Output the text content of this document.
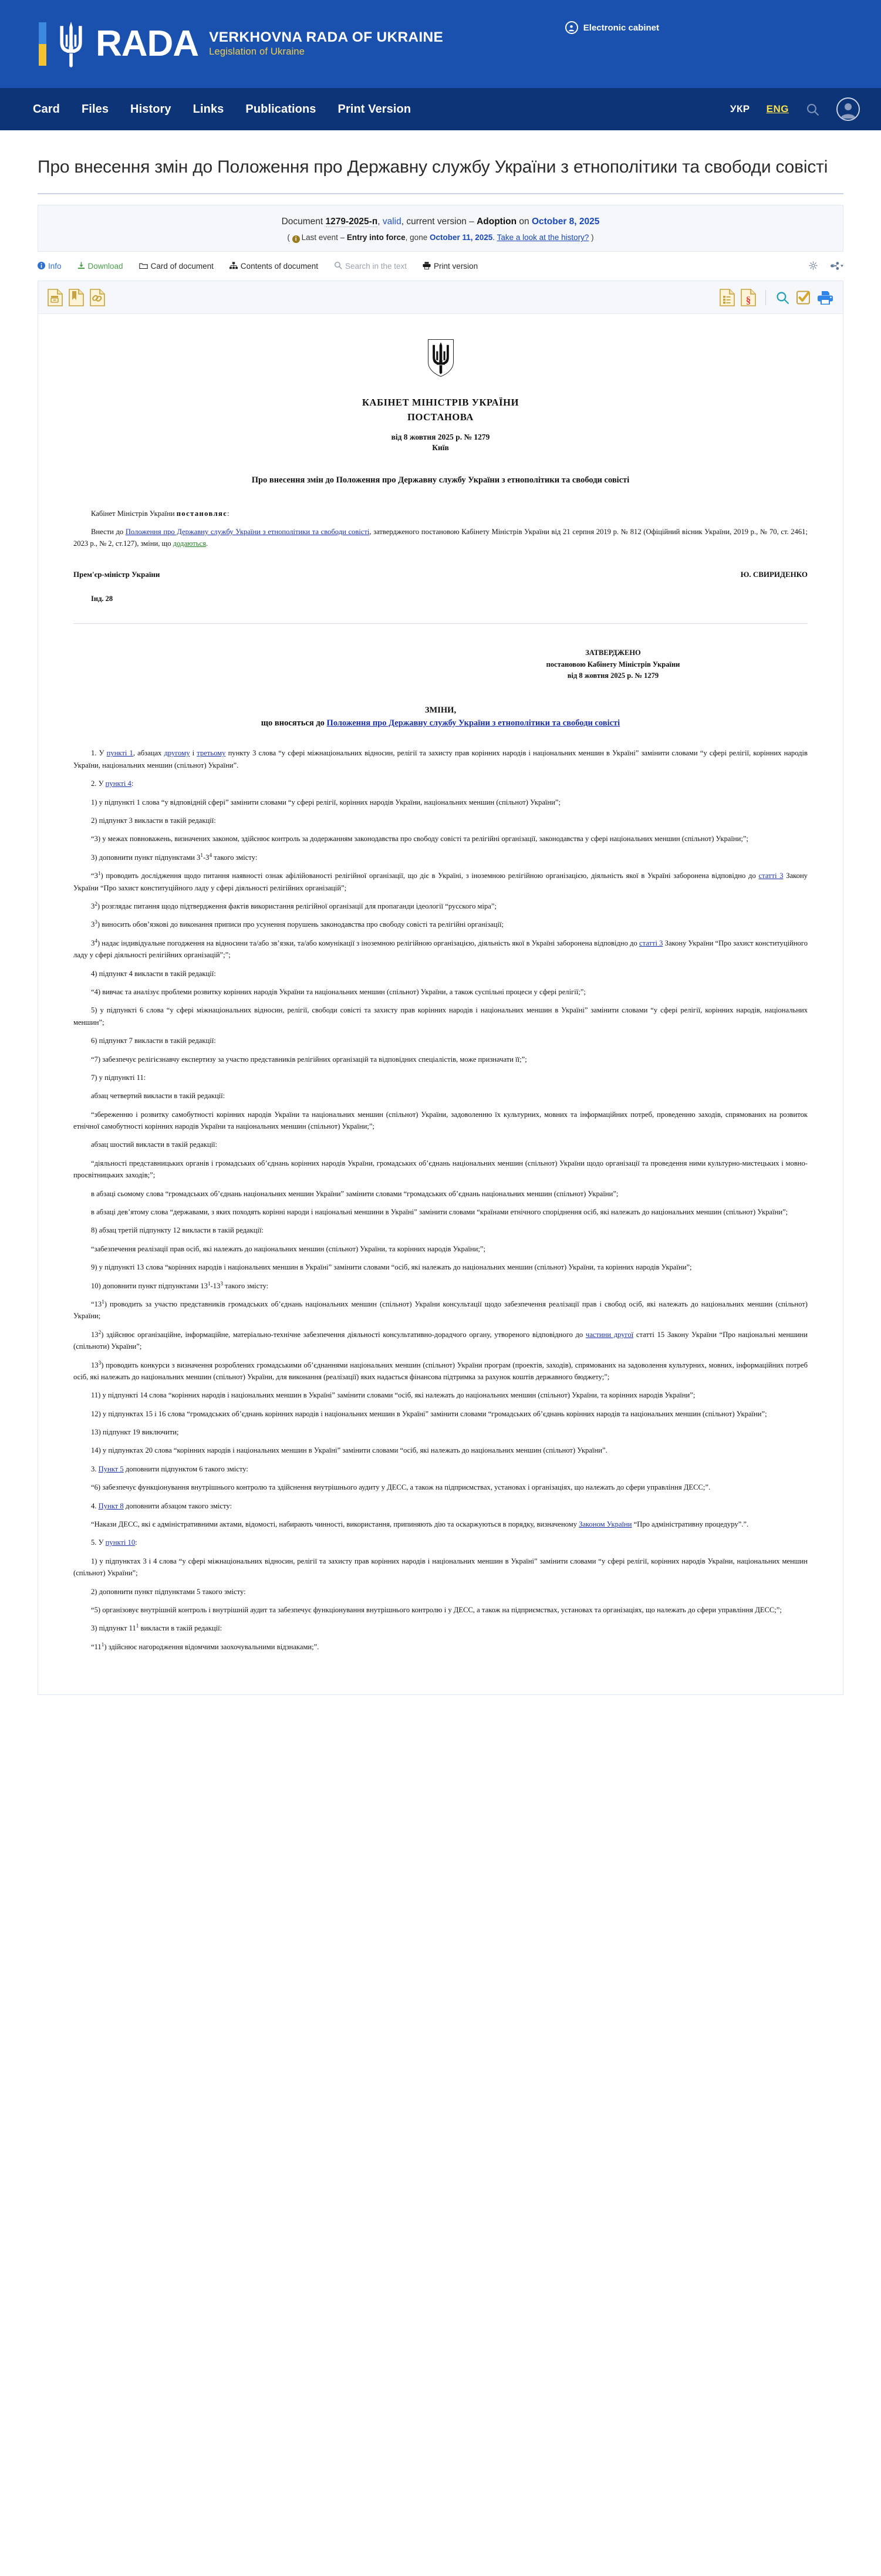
RADA VERKHOVNA RADA OF UKRAINE
Legislation of Ukraine
Electronic cabinet
Card Files History Links Publications Print Version	УКР ENG
Про внесення змін до Положення про Державну службу України з етнополітики та свободи совісті
Document 1279-2025-п, valid, current version – Adoption on October 8, 2025
( i Last event – Entry into force, gone October 11, 2025. Take a look at the history? )
Info	Download	Card of document	Contents of document	Search in the text	Print version
§
КАБІНЕТ МІНІСТРІВ УКРАЇНИ
ПОСТАНОВА
від 8 жовтня 2025 р. № 1279
Київ
Про внесення змін до Положення про Державну службу України з етнополітики та свободи совісті

Кабінет Міністрів України постановляє:

Внести до Положення про Державну службу України з етнополітики та свободи совісті, затвердженого постановою Кабінету Міністрів України від 21 серпня 2019 р. № 812 (Офіційний вісник України, 2019 р., № 70, ст. 2461; 2023 р., № 2, ст.127), зміни, що додаються.

Прем'єр-міністр України	Ю. СВИРИДЕНКО
Інд. 28
ЗАТВЕРДЖЕНО
постановою Кабінету Міністрів України
від 8 жовтня 2025 р. № 1279
ЗМІНИ,
що вносяться до Положення про Державну службу України з етнополітики та свободи совісті

1. У пункті 1, абзацах другому і третьому пункту 3 слова “у сфері міжнаціональних відносин, релігії та захисту прав корінних народів і національних меншин в Україні” замінити словами “у сфері релігії, корінних народів України, національних меншин (спільнот) України”.

2. У пункті 4:

1) у підпункті 1 слова “у відповідній сфері” замінити словами “у сфері релігії, корінних народів України, національних меншин (спільнот) України”;

2) підпункт 3 викласти в такій редакції:

“3) у межах повноважень, визначених законом, здійснює контроль за додержанням законодавства про свободу совісті та релігійні організації, законодавства у сфері національних меншин (спільнот) України;”;

3) доповнити пункт підпунктами $3^1-3^4$ такого змісту:

“$3^1$) проводить дослідження щодо питання наявності ознак афілійованості релігійної організації, що діє в Україні, з іноземною релігійною організацією, діяльність якої в Україні заборонена відповідно до статті 3 Закону України “Про захист конституційного ладу у сфері діяльності релігійних організацій”;

$3^2$) розглядає питання щодо підтвердження фактів використання релігійної організації для пропаганди ідеології “русского міра”;

$3^3$) виносить обов’язкові до виконання приписи про усунення порушень законодавства про свободу совісті та релігійні організації;

$3^4$) надає індивідуальне погодження на відносини та/або зв’язки, та/або комунікації з іноземною релігійною організацією, діяльність якої в Україні заборонена відповідно до статті 3 Закону України “Про захист конституційного ладу у сфері діяльності релігійних організацій”;”;

4) підпункт 4 викласти в такій редакції:

“4) вивчає та аналізує проблеми розвитку корінних народів України та національних меншин (спільнот) України, а також суспільні процеси у сфері релігії;”;

5) у підпункті 6 слова “у сфері міжнаціональних відносин, релігії, свободи совісті та захисту прав корінних народів і національних меншин в Україні” замінити словами “у сфері релігії, корінних народів, національних меншин”;

6) підпункт 7 викласти в такій редакції:

“7) забезпечує релігієзнавчу експертизу за участю представників релігійних організацій та відповідних спеціалістів, може призначати її;”;

7) у підпункті 11:

абзац четвертий викласти в такій редакції:

“збереженню і розвитку самобутності корінних народів України та національних меншин (спільнот) України, задоволенню їх культурних, мовних та інформаційних потреб, проведенню заходів, спрямованих на розвиток етнічної самобутності корінних народів України та національних меншин (спільнот) України;”;

абзац шостий викласти в такій редакції:

“діяльності представницьких органів і громадських об’єднань корінних народів України, громадських об’єднань національних меншин (спільнот) України щодо організації та проведення ними культурно-мистецьких і мовно-просвітницьких заходів;”;

в абзаці сьомому слова “громадських об’єднань національних меншин України” замінити словами “громадських об’єднань національних меншин (спільнот) України”;

в абзаці дев’ятому слова “державами, з яких походять корінні народи і національні меншини в Україні” замінити словами “країнами етнічного споріднення осіб, які належать до національних меншин (спільнот) України”;

8) абзац третій підпункту 12 викласти в такій редакції:

“забезпечення реалізації прав осіб, які належать до національних меншин (спільнот) України, та корінних народів України;”;

9) у підпункті 13 слова “корінних народів і національних меншин в Україні” замінити словами “осіб, які належать до національних меншин (спільнот) України, та корінних народів України”;

10) доповнити пункт підпунктами $13^1-13^3$ такого змісту:

“$13^1$) проводить за участю представників громадських об’єднань національних меншин (спільнот) України консультації щодо забезпечення реалізації прав і свобод осіб, які належать до національних меншин (спільнот) України;

$13^2$) здійснює організаційне, інформаційне, матеріально-технічне забезпечення діяльності консультативно-дорадчого органу, утвореного відповідного до частини другої статті 15 Закону України “Про національні меншини (спільноти) України”;

$13^3$) проводить конкурси з визначення розроблених громадськими об’єднаннями національних меншин (спільнот) України програм (проектів, заходів), спрямованих на задоволення культурних, мовних, інформаційних потреб осіб, які належать до національних меншин (спільнот) України, для виконання (реалізації) яких надається фінансова підтримка за рахунок коштів державного бюджету;”;

11) у підпункті 14 слова “корінних народів і національних меншин в Україні” замінити словами “осіб, які належать до національних меншин (спільнот) України, та корінних народів України”;

12) у підпунктах 15 і 16 слова “громадських об’єднань корінних народів і національних меншин в Україні” замінити словами “громадських об’єднань корінних народів та національних меншин (спільнот) України”;

13) підпункт 19 виключити;

14) у підпунктах 20 слова “корінних народів і національних меншин в Україні” замінити словами “осіб, які належать до національних меншин (спільнот) України”.

3. Пункт 5 доповнити підпунктом 6 такого змісту:

“6) забезпечує функціонування внутрішнього контролю та здійснення внутрішнього аудиту у ДЕСС, а також на підприємствах, установах і організаціях, що належать до сфери управління ДЕСС;”.

4. Пункт 8 доповнити абзацом такого змісту:

“Накази ДЕСС, які є адміністративними актами, відомості, набирають чинності, використання, припиняють дію та оскаржуються в порядку, визначеному Законом України “Про адміністративну процедуру”.”.

5. У пункті 10:

1) у підпунктах 3 і 4 слова “у сфері міжнаціональних відносин, релігії та захисту прав корінних народів і національних меншин в Україні” замінити словами “у сфері релігії, корінних народів України, національних меншин (спільнот) України”;

2) доповнити пункт підпунктами 5 такого змісту:

“5) організовує внутрішній контроль і внутрішній аудит та забезпечує функціонування внутрішнього контролю і у ДЕСС, а також на підприємствах, установах та організаціях, що належать до сфери управління ДЕСС;”;

3) підпункт $11^1$ викласти в такій редакції:

“$11^1$) здійснює нагородження відомчими заохочувальними відзнаками;”.
